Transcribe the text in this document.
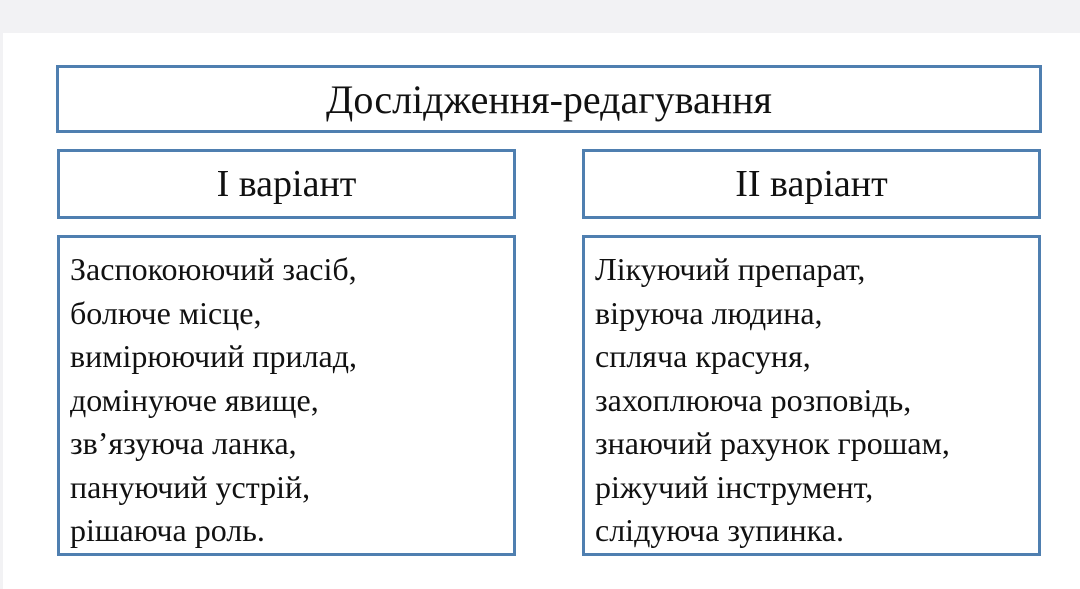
Дослідження-редагування
І варіант	ІІ варіант
Заспокоюючий засіб,
болюче місце,
вимірюючий прилад,
домінуюче явище,
зв’язуюча ланка,
пануючий устрій,
рішаюча роль.
Лікуючий препарат,
віруюча людина,
спляча красуня,
захоплююча розповідь,
знаючий рахунок грошам,
ріжучий інструмент,
слідуюча зупинка.
